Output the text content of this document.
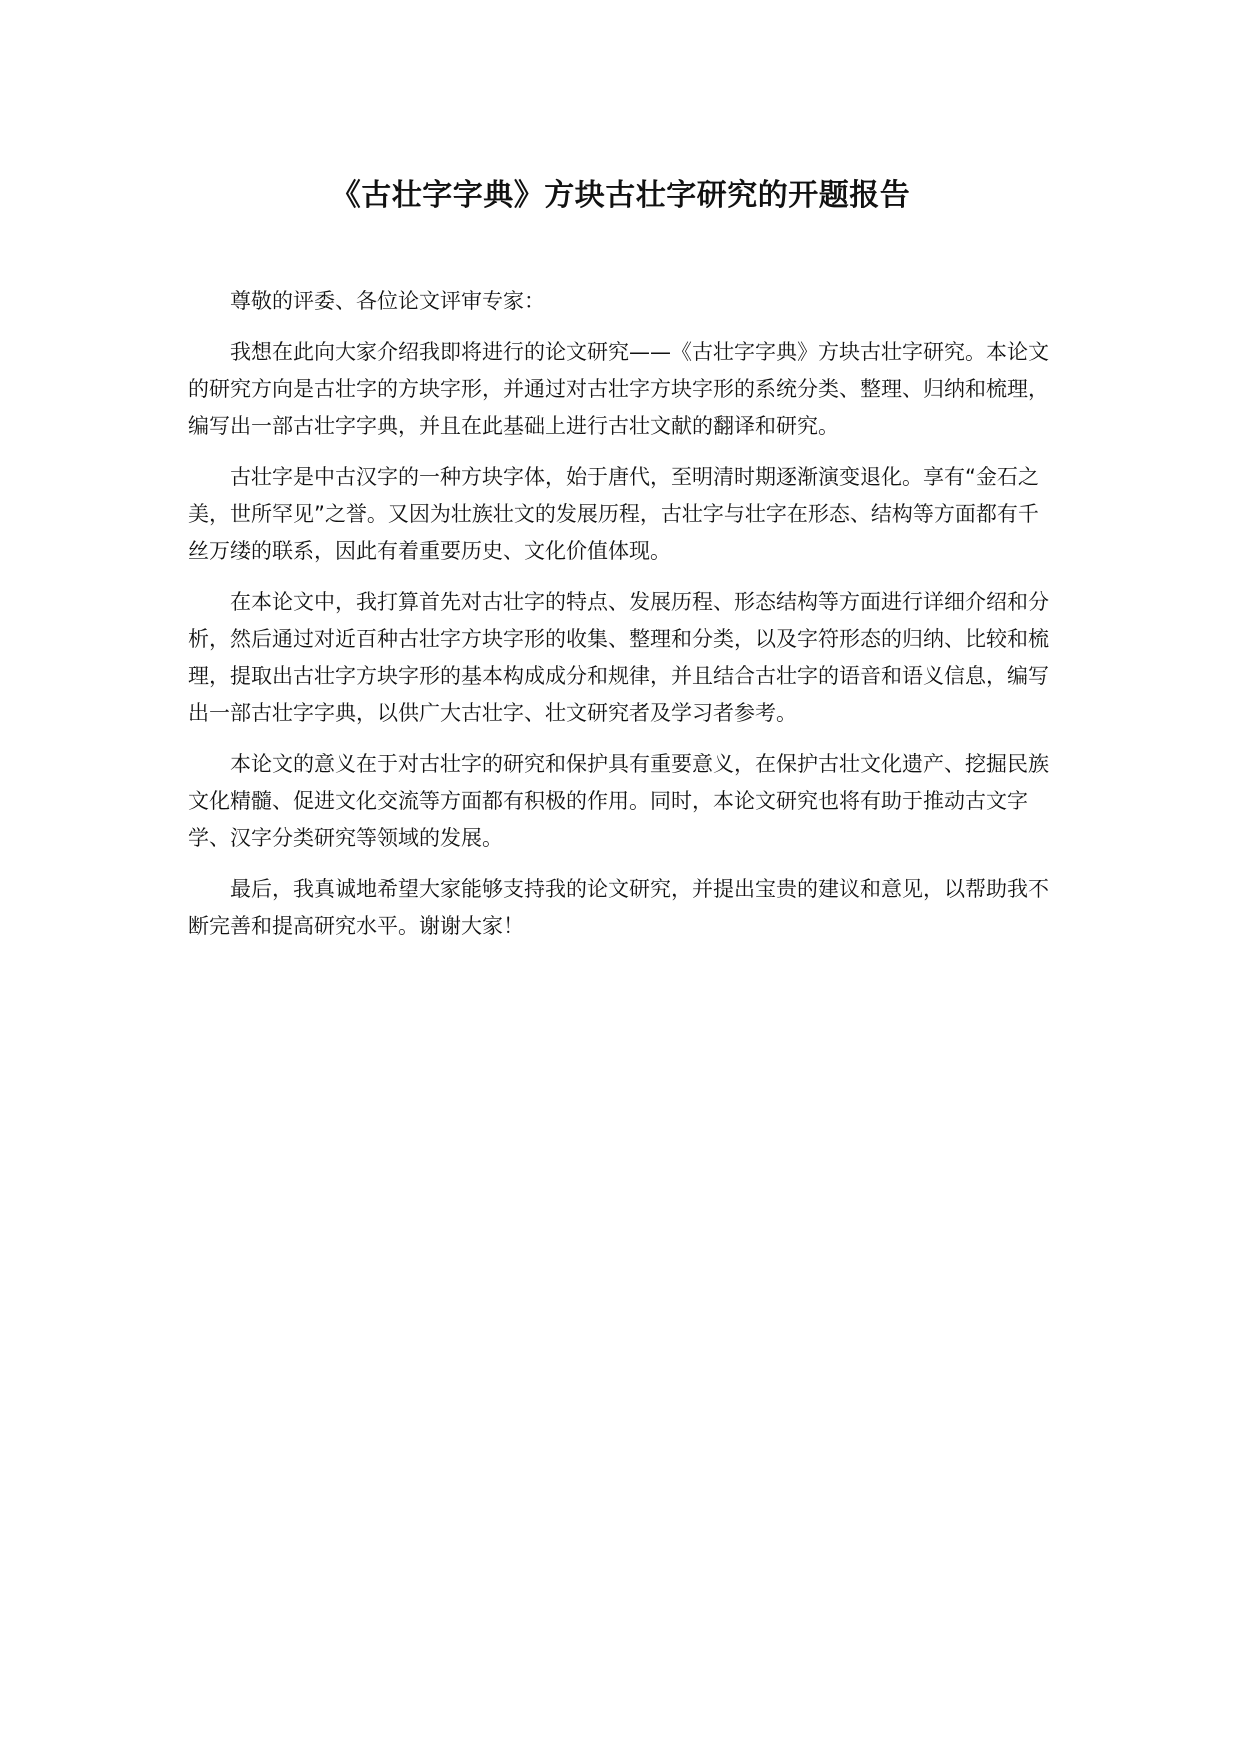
《古壮字字典》方块古壮字研究的开题报告

尊敬的评委、各位论文评审专家：

我想在此向大家介绍我即将进行的论文研究——《古壮字字典》方块古壮字研究。本论文的研究方向是古壮字的方块字形，并通过对古壮字方块字形的系统分类、整理、归纳和梳理，编写出一部古壮字字典，并且在此基础上进行古壮文献的翻译和研究。

古壮字是中古汉字的一种方块字体，始于唐代，至明清时期逐渐演变退化。享有“金石之美，世所罕见”之誉。又因为壮族壮文的发展历程，古壮字与壮字在形态、结构等方面都有千丝万缕的联系，因此有着重要历史、文化价值体现。

在本论文中，我打算首先对古壮字的特点、发展历程、形态结构等方面进行详细介绍和分析，然后通过对近百种古壮字方块字形的收集、整理和分类，以及字符形态的归纳、比较和梳理，提取出古壮字方块字形的基本构成成分和规律，并且结合古壮字的语音和语义信息，编写出一部古壮字字典，以供广大古壮字、壮文研究者及学习者参考。

本论文的意义在于对古壮字的研究和保护具有重要意义，在保护古壮文化遗产、挖掘民族文化精髓、促进文化交流等方面都有积极的作用。同时，本论文研究也将有助于推动古文字学、汉字分类研究等领域的发展。

最后，我真诚地希望大家能够支持我的论文研究，并提出宝贵的建议和意见，以帮助我不断完善和提高研究水平。谢谢大家！
